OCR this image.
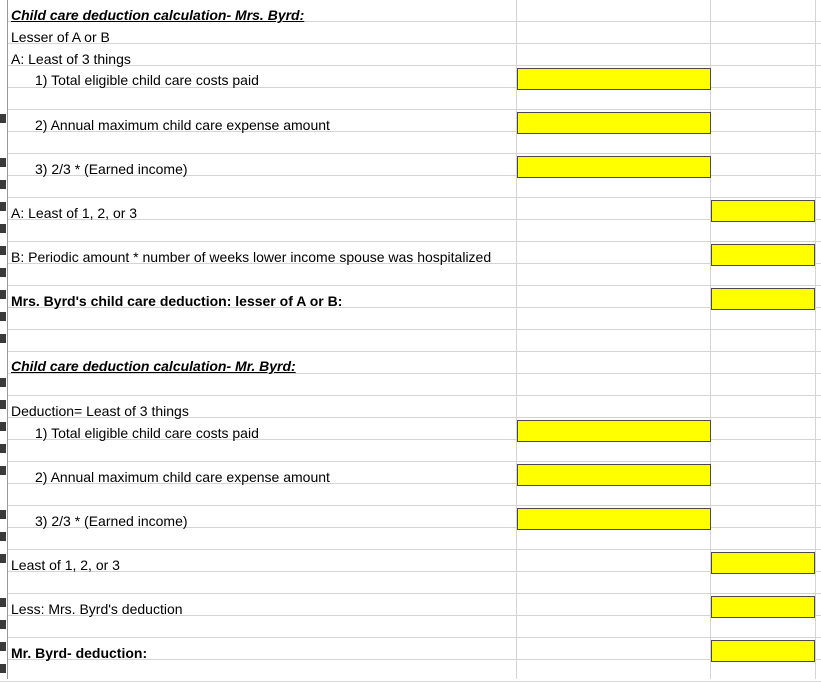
Child care deduction calculation- Mrs. Byrd:
Lesser of A or B
A: Least of 3 things
1) Total eligible child care costs paid
2) Annual maximum child care expense amount
3) 2/3 * (Earned income)
A: Least of 1, 2, or 3
B: Periodic amount * number of weeks lower income spouse was hospitalized
Mrs. Byrd's child care deduction: lesser of A or B:
Child care deduction calculation- Mr. Byrd:
Deduction= Least of 3 things
1) Total eligible child care costs paid
2) Annual maximum child care expense amount
3) 2/3 * (Earned income)
Least of 1, 2, or 3
Less: Mrs. Byrd's deduction
Mr. Byrd- deduction:
